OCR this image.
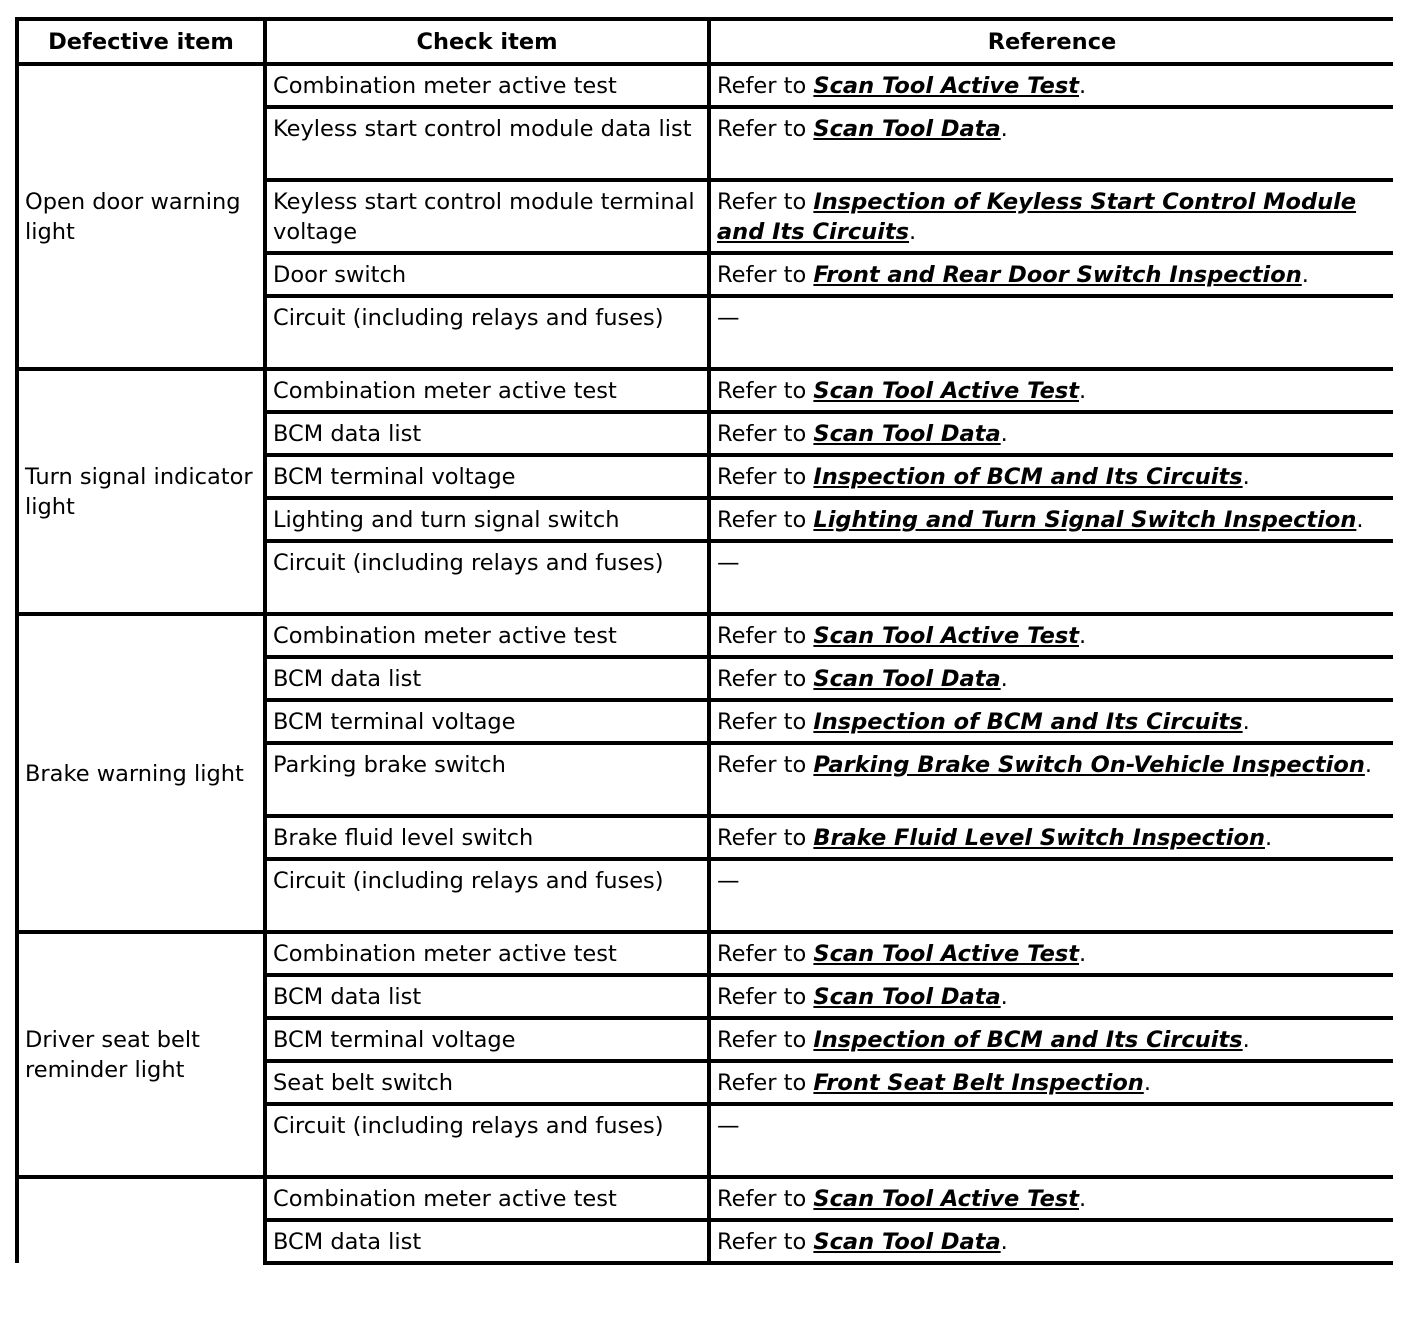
Defective item	Check item	Reference
Open door warning light	Combination meter active test	Refer to Scan Tool Active Test.
	Keyless start control module data list	Refer to Scan Tool Data.
	Keyless start control module terminal voltage	Refer to Inspection of Keyless Start Control Module and Its Circuits.
	Door switch	Refer to Front and Rear Door Switch Inspection.
	Circuit (including relays and fuses)	—
Turn signal indicator light	Combination meter active test	Refer to Scan Tool Active Test.
	BCM data list	Refer to Scan Tool Data.
	BCM terminal voltage	Refer to Inspection of BCM and Its Circuits.
	Lighting and turn signal switch	Refer to Lighting and Turn Signal Switch Inspection.
	Circuit (including relays and fuses)	—
Brake warning light	Combination meter active test	Refer to Scan Tool Active Test.
	BCM data list	Refer to Scan Tool Data.
	BCM terminal voltage	Refer to Inspection of BCM and Its Circuits.
	Parking brake switch	Refer to Parking Brake Switch On-Vehicle Inspection.
	Brake fluid level switch	Refer to Brake Fluid Level Switch Inspection.
	Circuit (including relays and fuses)	—
Driver seat belt reminder light	Combination meter active test	Refer to Scan Tool Active Test.
	BCM data list	Refer to Scan Tool Data.
	BCM terminal voltage	Refer to Inspection of BCM and Its Circuits.
	Seat belt switch	Refer to Front Seat Belt Inspection.
	Circuit (including relays and fuses)	—
	Combination meter active test	Refer to Scan Tool Active Test.
	BCM data list	Refer to Scan Tool Data.
